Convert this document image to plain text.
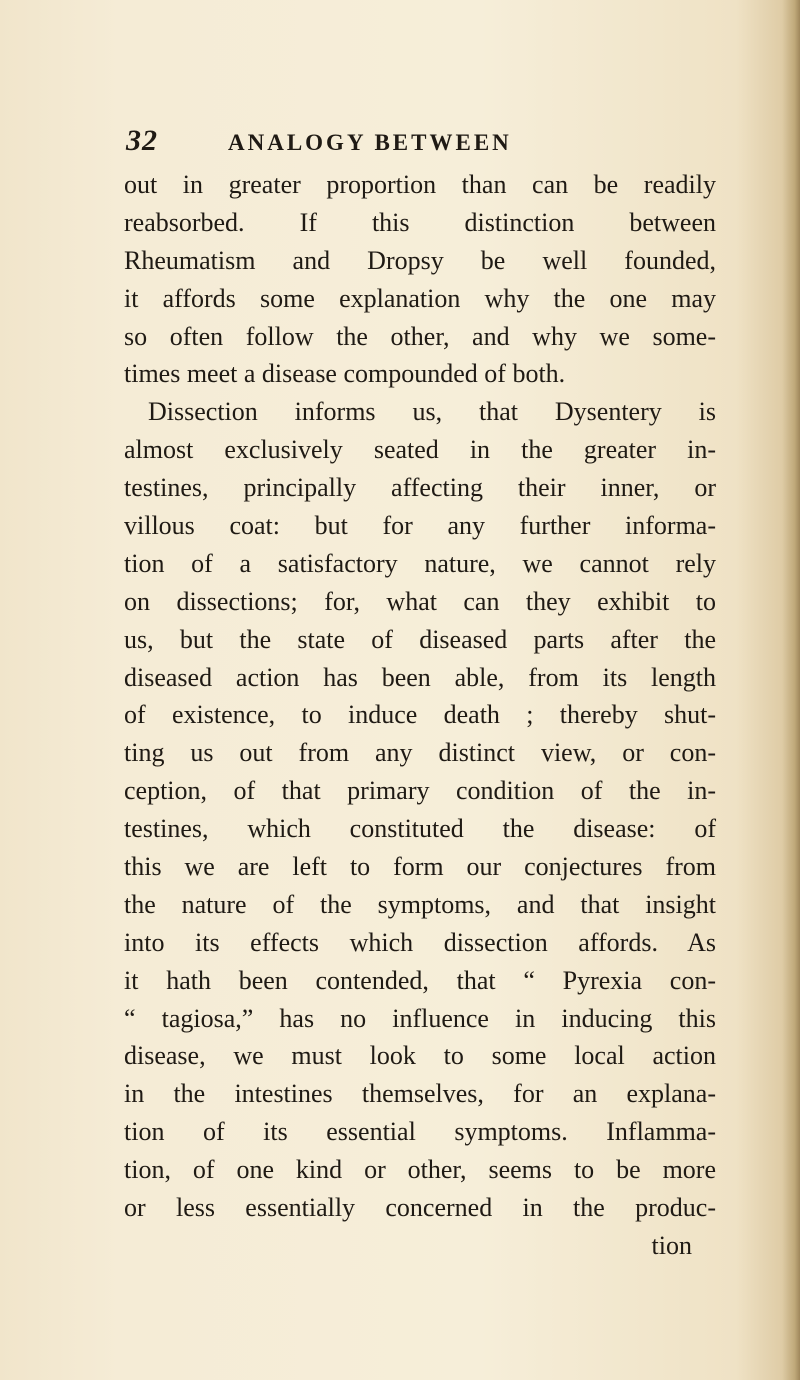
32	ANALOGY BETWEEN
out in greater proportion than can be readily
reabsorbed. If this distinction between
Rheumatism and Dropsy be well founded,
it affords some explanation why the one may
so often follow the other, and why we some-
times meet a disease compounded of both.
Dissection informs us, that Dysentery is
almost exclusively seated in the greater in-
testines, principally affecting their inner, or
villous coat: but for any further informa-
tion of a satisfactory nature, we cannot rely
on dissections; for, what can they exhibit to
us, but the state of diseased parts after the
diseased action has been able, from its length
of existence, to induce death ; thereby shut-
ting us out from any distinct view, or con-
ception, of that primary condition of the in-
testines, which constituted the disease: of
this we are left to form our conjectures from
the nature of the symptoms, and that insight
into its effects which dissection affords. As
it hath been contended, that “ Pyrexia con-
“ tagiosa,” has no influence in inducing this
disease, we must look to some local action
in the intestines themselves, for an explana-
tion of its essential symptoms. Inflamma-
tion, of one kind or other, seems to be more
or less essentially concerned in the produc-
tion
